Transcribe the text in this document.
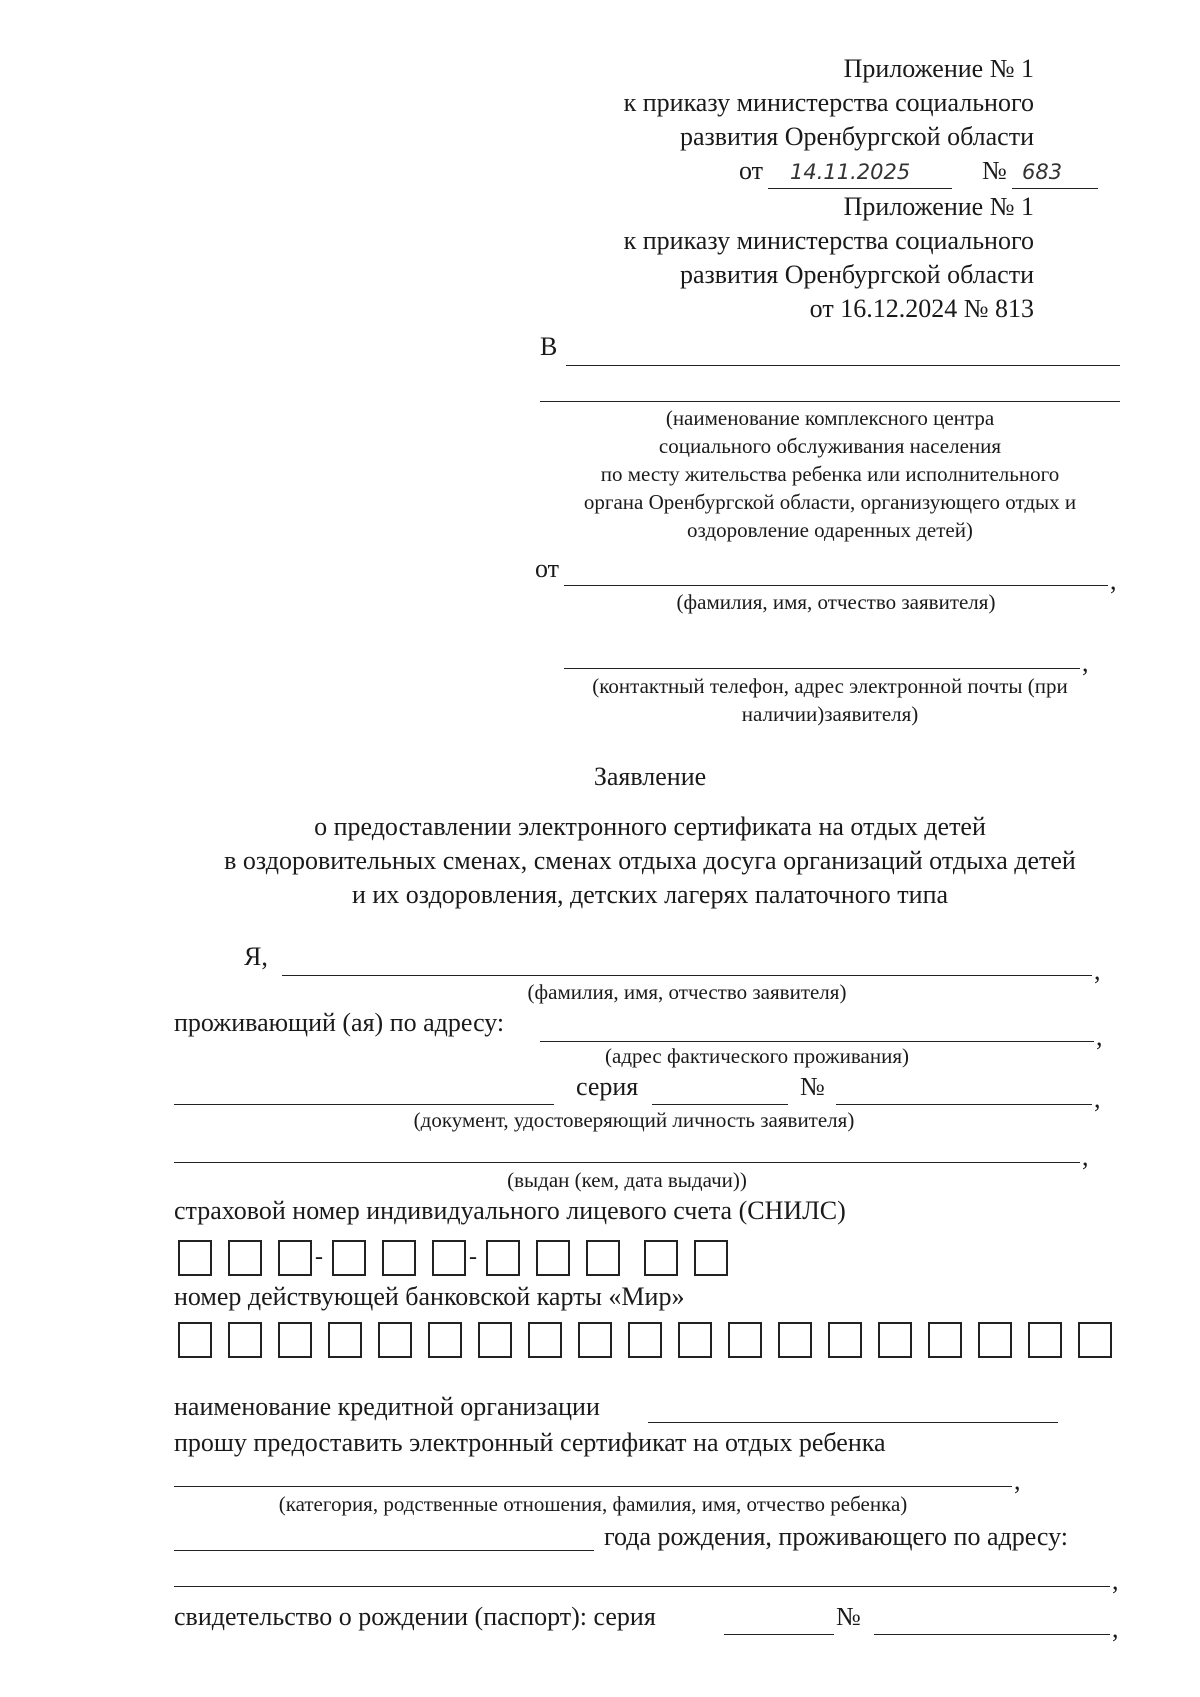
Приложение № 1
к приказу министерства социального
развития Оренбургской области
от 14.11.2025	№ 683
Приложение № 1
к приказу министерства социального
развития Оренбургской области
от 16.12.2024 № 813
В
(наименование комплексного центра
социального обслуживания населения
по месту жительства ребенка или исполнительного
органа Оренбургской области, организующего отдых и
оздоровление одаренных детей)
от	,
(фамилия, имя, отчество заявителя)
,
(контактный телефон, адрес электронной почты (при
наличии)заявителя)
Заявление
о предоставлении электронного сертификата на отдых детей
в оздоровительных сменах, сменах отдыха досуга организаций отдыха детей
и их оздоровления, детских лагерях палаточного типа
Я,	,
(фамилия, имя, отчество заявителя)
проживающий (ая) по адресу:	,
(адрес фактического проживания)
серия	№	,
(документ, удостоверяющий личность заявителя)
,
(выдан (кем, дата выдачи))
страховой номер индивидуального лицевого счета (СНИЛС)
-	-
номер действующей банковской карты «Мир»
наименование кредитной организации
прошу предоставить электронный сертификат на отдых ребенка
,
(категория, родственные отношения, фамилия, имя, отчество ребенка)
года рождения, проживающего по адресу:
,
свидетельство о рождении (паспорт): серия	№	,
